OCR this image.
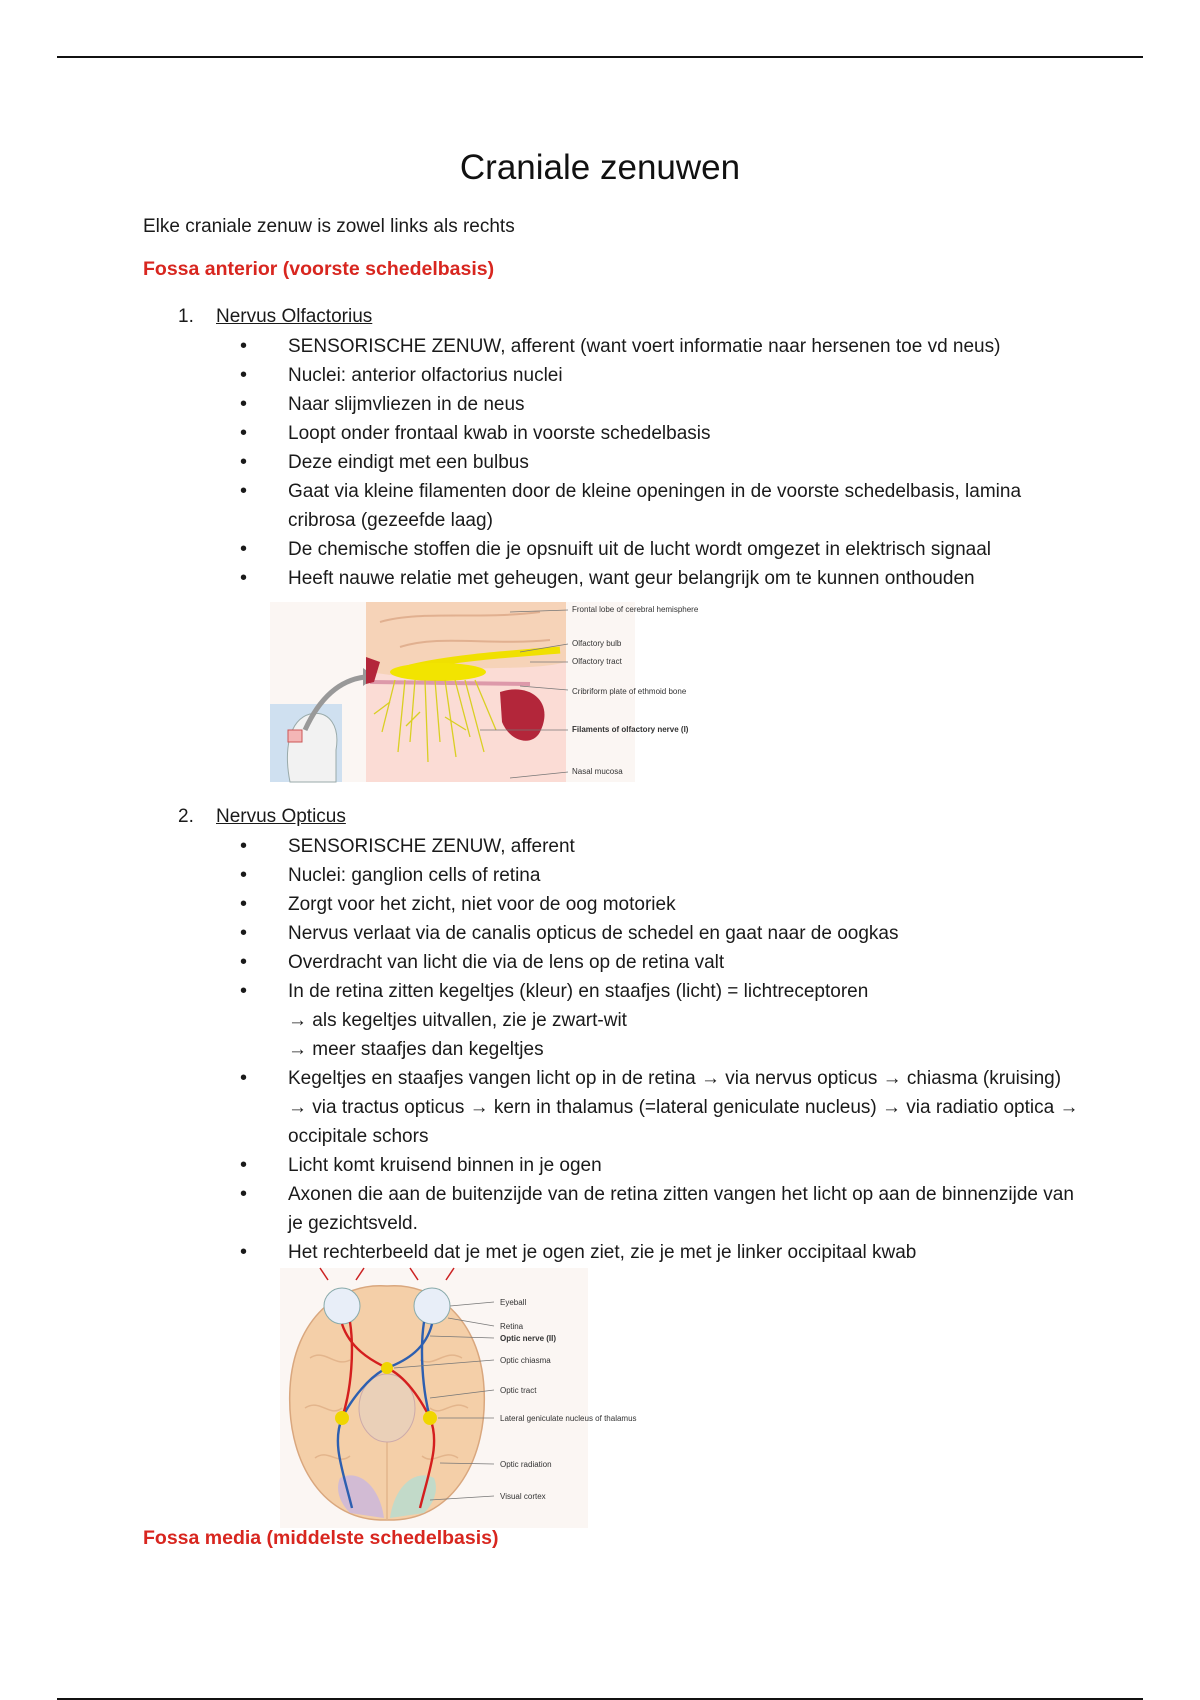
Craniale zenuwen
Elke craniale zenuw is zowel links als rechts
Fossa anterior (voorste schedelbasis)
1. Nervus Olfactorius
• SENSORISCHE ZENUW, afferent (want voert informatie naar hersenen toe vd neus)
• Nuclei: anterior olfactorius nuclei
• Naar slijmvliezen in de neus
• Loopt onder frontaal kwab in voorste schedelbasis
• Deze eindigt met een bulbus
• Gaat via kleine filamenten door de kleine openingen in de voorste schedelbasis, lamina cribrosa (gezeefde laag)
• De chemische stoffen die je opsnuift uit de lucht wordt omgezet in elektrisch signaal
• Heeft nauwe relatie met geheugen, want geur belangrijk om te kunnen onthouden
Frontal lobe of cerebral hemisphere
Olfactory bulb
Olfactory tract
Cribriform plate of ethmoid bone
Filaments of olfactory nerve (I)
Nasal mucosa
2. Nervus Opticus
• SENSORISCHE ZENUW, afferent
• Nuclei: ganglion cells of retina
• Zorgt voor het zicht, niet voor de oog motoriek
• Nervus verlaat via de canalis opticus de schedel en gaat naar de oogkas
• Overdracht van licht die via de lens op de retina valt
• In de retina zitten kegeltjes (kleur) en staafjes (licht) = lichtreceptoren
→ als kegeltjes uitvallen, zie je zwart-wit
→ meer staafjes dan kegeltjes
• Kegeltjes en staafjes vangen licht op in de retina → via nervus opticus → chiasma (kruising) → via tractus opticus → kern in thalamus (=lateral geniculate nucleus) → via radiatio optica → occipitale schors
• Licht komt kruisend binnen in je ogen
• Axonen die aan de buitenzijde van de retina zitten vangen het licht op aan de binnenzijde van je gezichtsveld.
• Het rechterbeeld dat je met je ogen ziet, zie je met je linker occipitaal kwab
Eyeball
Retina
Optic nerve (II)
Optic chiasma
Optic tract
Lateral geniculate nucleus of thalamus
Optic radiation
Visual cortex
Fossa media (middelste schedelbasis)
